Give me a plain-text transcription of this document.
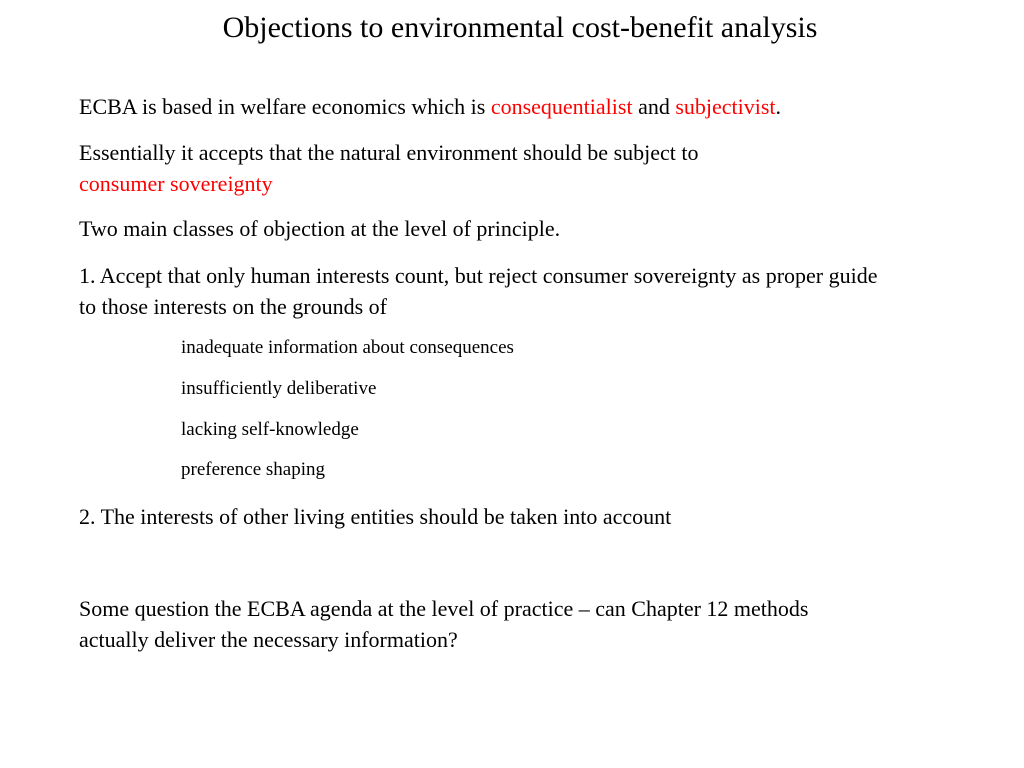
Objections to environmental cost-benefit analysis

ECBA is based in welfare economics which is consequentialist and subjectivist.

Essentially it accepts that the natural environment should be subject to
consumer sovereignty

Two main classes of objection at the level of principle.

1. Accept that only human interests count, but reject consumer sovereignty as proper guide to those interests on the grounds of

inadequate information about consequences

insufficiently deliberative

lacking self-knowledge

preference shaping

2. The interests of other living entities should be taken into account

Some question the ECBA agenda at the level of practice – can Chapter 12 methods actually deliver the necessary information?
